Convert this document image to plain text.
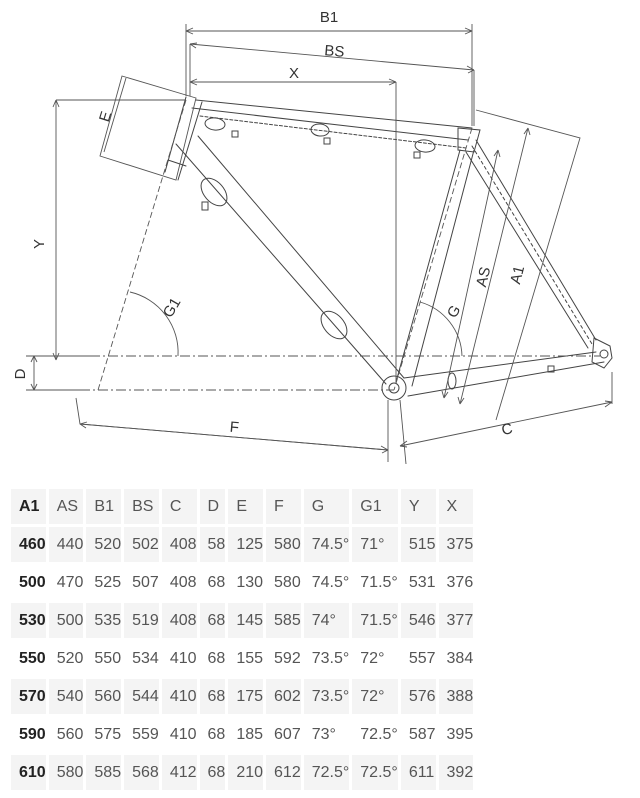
B1
BS
X
E
Y
G1	G
AS A1
D
F	C
A1	AS	B1	BS	C	D	E	F	G	G1	Y	X
460	440	520	502	408	58	125	580	74.5°	71°	515	375
500	470	525	507	408	68	130	580	74.5°	71.5°	531	376
530	500	535	519	408	68	145	585	74°	71.5°	546	377
550	520	550	534	410	68	155	592	73.5°	72°	557	384
570	540	560	544	410	68	175	602	73.5°	72°	576	388
590	560	575	559	410	68	185	607	73°	72.5°	587	395
610	580	585	568	412	68	210	612	72.5°	72.5°	611	392
